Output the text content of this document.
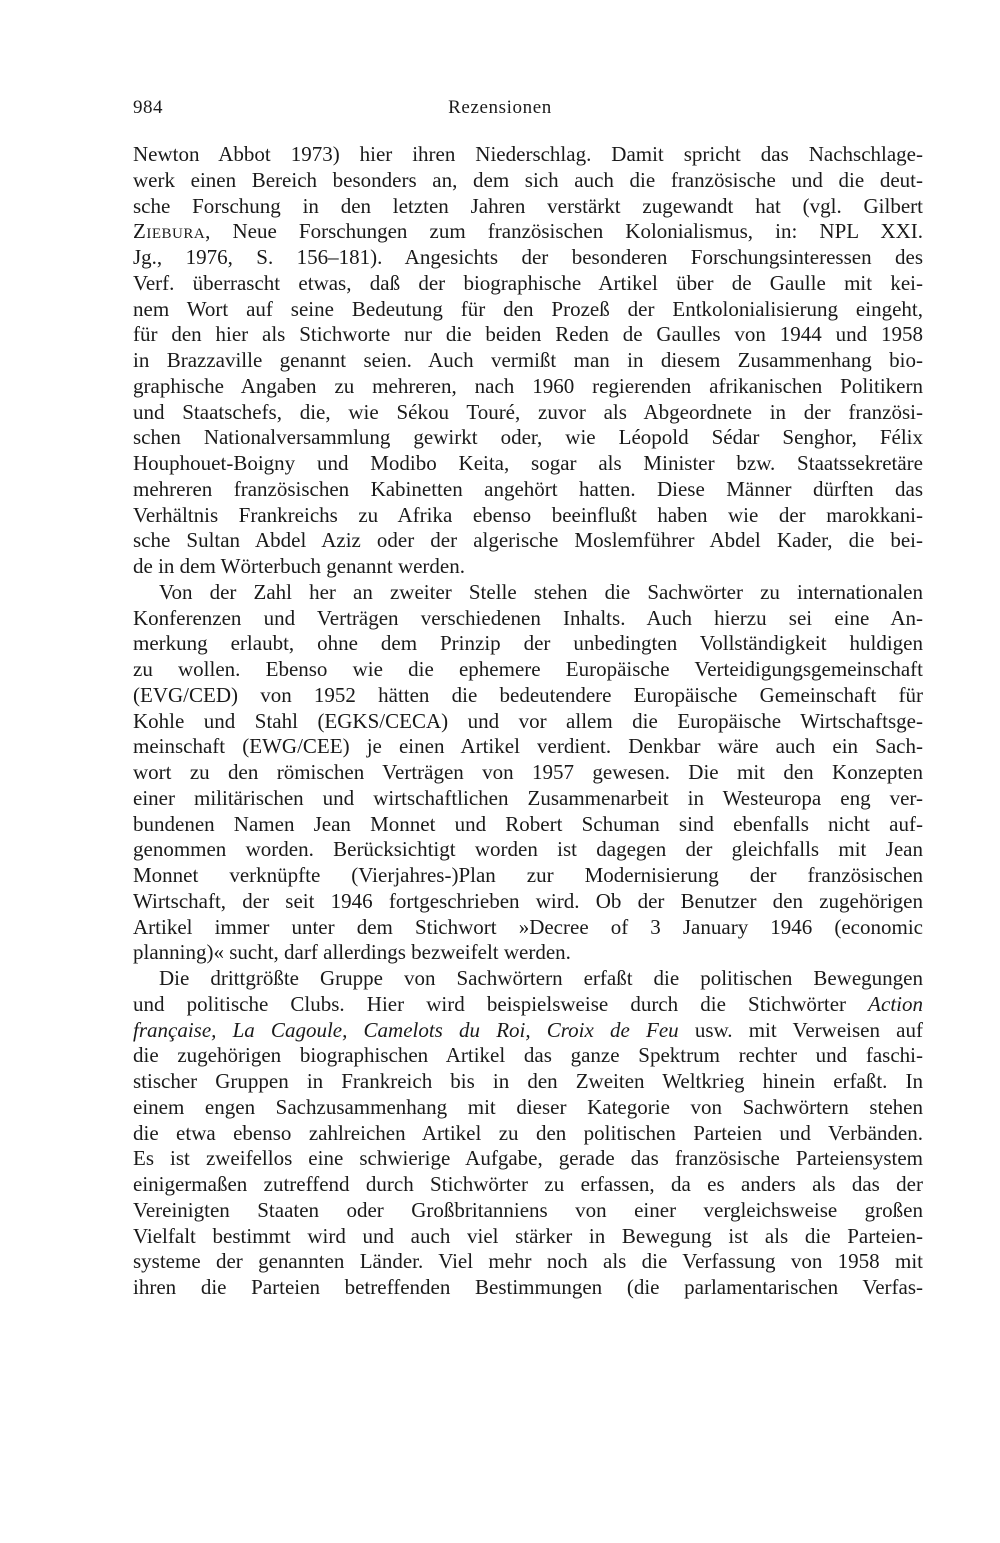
984	Rezensionen
Newton Abbot 1973) hier ihren Niederschlag. Damit spricht das Nachschlage-
werk einen Bereich besonders an, dem sich auch die französische und die deut-
sche Forschung in den letzten Jahren verstärkt zugewandt hat (vgl. Gilbert
Ziebura, Neue Forschungen zum französischen Kolonialismus, in: NPL XXI.
Jg., 1976, S. 156–181). Angesichts der besonderen Forschungsinteressen des
Verf. überrascht etwas, daß der biographische Artikel über de Gaulle mit kei-
nem Wort auf seine Bedeutung für den Prozeß der Entkolonialisierung eingeht,
für den hier als Stichworte nur die beiden Reden de Gaulles von 1944 und 1958
in Brazzaville genannt seien. Auch vermißt man in diesem Zusammenhang bio-
graphische Angaben zu mehreren, nach 1960 regierenden afrikanischen Politikern
und Staatschefs, die, wie Sékou Touré, zuvor als Abgeordnete in der französi-
schen Nationalversammlung gewirkt oder, wie Léopold Sédar Senghor, Félix
Houphouet-Boigny und Modibo Keita, sogar als Minister bzw. Staatssekretäre
mehreren französischen Kabinetten angehört hatten. Diese Männer dürften das
Verhältnis Frankreichs zu Afrika ebenso beeinflußt haben wie der marokkani-
sche Sultan Abdel Aziz oder der algerische Moslemführer Abdel Kader, die bei-
de in dem Wörterbuch genannt werden.
Von der Zahl her an zweiter Stelle stehen die Sachwörter zu internationalen
Konferenzen und Verträgen verschiedenen Inhalts. Auch hierzu sei eine An-
merkung erlaubt, ohne dem Prinzip der unbedingten Vollständigkeit huldigen
zu wollen. Ebenso wie die ephemere Europäische Verteidigungsgemeinschaft
(EVG/CED) von 1952 hätten die bedeutendere Europäische Gemeinschaft für
Kohle und Stahl (EGKS/CECA) und vor allem die Europäische Wirtschaftsge-
meinschaft (EWG/CEE) je einen Artikel verdient. Denkbar wäre auch ein Sach-
wort zu den römischen Verträgen von 1957 gewesen. Die mit den Konzepten
einer militärischen und wirtschaftlichen Zusammenarbeit in Westeuropa eng ver-
bundenen Namen Jean Monnet und Robert Schuman sind ebenfalls nicht auf-
genommen worden. Berücksichtigt worden ist dagegen der gleichfalls mit Jean
Monnet verknüpfte (Vierjahres-)Plan zur Modernisierung der französischen
Wirtschaft, der seit 1946 fortgeschrieben wird. Ob der Benutzer den zugehörigen
Artikel immer unter dem Stichwort »Decree of 3 January 1946 (economic
planning)« sucht, darf allerdings bezweifelt werden.
Die drittgrößte Gruppe von Sachwörtern erfaßt die politischen Bewegungen
und politische Clubs. Hier wird beispielsweise durch die Stichwörter Action
française, La Cagoule, Camelots du Roi, Croix de Feu usw. mit Verweisen auf
die zugehörigen biographischen Artikel das ganze Spektrum rechter und faschi-
stischer Gruppen in Frankreich bis in den Zweiten Weltkrieg hinein erfaßt. In
einem engen Sachzusammenhang mit dieser Kategorie von Sachwörtern stehen
die etwa ebenso zahlreichen Artikel zu den politischen Parteien und Verbänden.
Es ist zweifellos eine schwierige Aufgabe, gerade das französische Parteiensystem
einigermaßen zutreffend durch Stichwörter zu erfassen, da es anders als das der
Vereinigten Staaten oder Großbritanniens von einer vergleichsweise großen
Vielfalt bestimmt wird und auch viel stärker in Bewegung ist als die Parteien-
systeme der genannten Länder. Viel mehr noch als die Verfassung von 1958 mit
ihren die Parteien betreffenden Bestimmungen (die parlamentarischen Verfas-
